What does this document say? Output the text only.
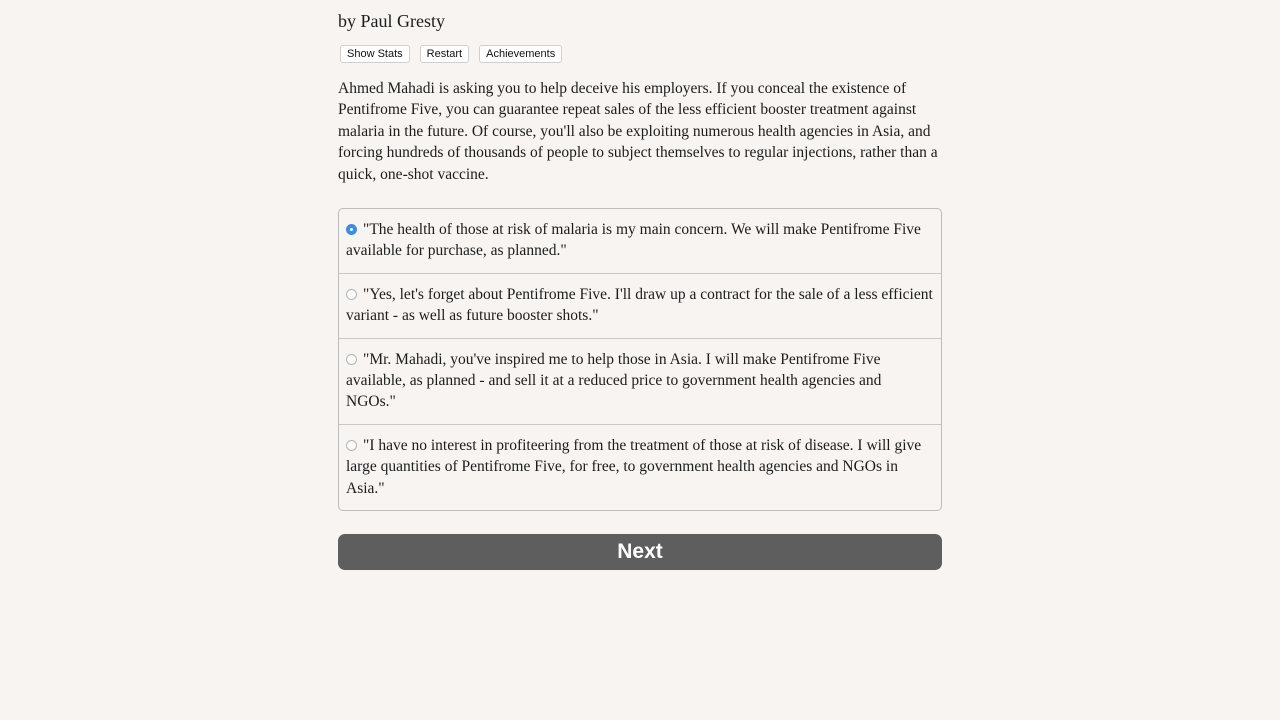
by Paul Gresty
Show Stats	Restart	Achievements
Ahmed Mahadi is asking you to help deceive his employers. If you conceal the existence of Pentifrome Five, you can guarantee repeat sales of the less efficient booster treatment against malaria in the future. Of course, you'll also be exploiting numerous health agencies in Asia, and forcing hundreds of thousands of people to subject themselves to regular injections, rather than a quick, one-shot vaccine.
"The health of those at risk of malaria is my main concern. We will make Pentifrome Five available for purchase, as planned."
"Yes, let's forget about Pentifrome Five. I'll draw up a contract for the sale of a less efficient variant - as well as future booster shots."
"Mr. Mahadi, you've inspired me to help those in Asia. I will make Pentifrome Five available, as planned - and sell it at a reduced price to government health agencies and NGOs."
"I have no interest in profiteering from the treatment of those at risk of disease. I will give large quantities of Pentifrome Five, for free, to government health agencies and NGOs in Asia."
Next
